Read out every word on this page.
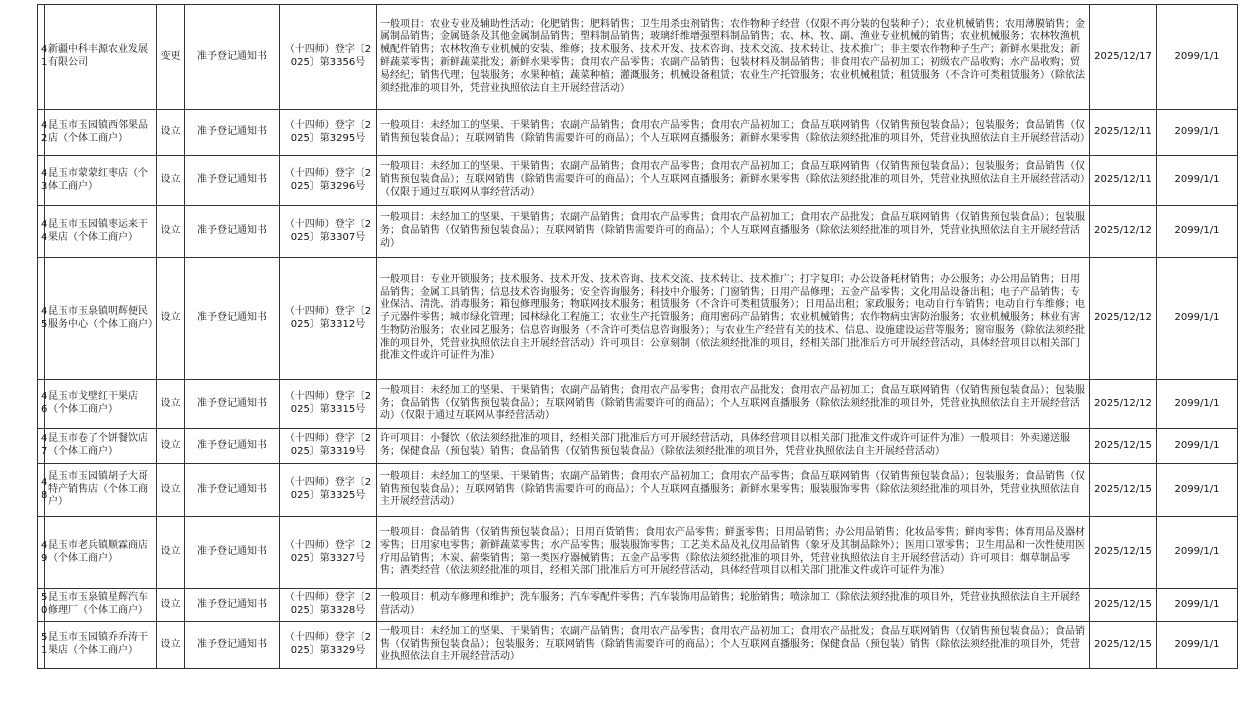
41	新疆中科丰源农业发展有限公司	变更	准予登记通知书	（十四师）登字〔2025〕第3356号	一般项目：农业专业及辅助性活动；化肥销售；肥料销售；卫生用杀虫剂销售；农作物种子经营（仅限不再分装的包装种子）；农业机械销售；农用薄膜销售；金属制品销售；金属链条及其他金属制品销售；塑料制品销售；玻璃纤维增强塑料制品销售；农、林、牧、副、渔业专业机械的销售；农业机械服务；农林牧渔机械配件销售；农林牧渔专业机械的安装、维修；技术服务、技术开发、技术咨询、技术交流、技术转让、技术推广；非主要农作物种子生产；新鲜水果批发；新鲜蔬菜零售；新鲜蔬菜批发；新鲜水果零售；食用农产品零售；农副产品销售；包装材料及制品销售；非食用农产品初加工；初级农产品收购；水产品收购；贸易经纪；销售代理；包装服务；水果种植；蔬菜种植；灌溉服务；机械设备租赁；农业生产托管服务；农业机械租赁；租赁服务（不含许可类租赁服务）（除依法须经批准的项目外，凭营业执照依法自主开展经营活动）	2025/12/17	2099/1/1
42	昆玉市玉园镇西邻果品店（个体工商户）	设立	准予登记通知书	（十四师）登字〔2025〕第3295号	一般项目：未经加工的坚果、干果销售；农副产品销售；食用农产品零售；食用农产品初加工；食品互联网销售（仅销售预包装食品）；包装服务；食品销售（仅销售预包装食品）；互联网销售（除销售需要许可的商品）；个人互联网直播服务；新鲜水果零售（除依法须经批准的项目外，凭营业执照依法自主开展经营活动）	2025/12/11	2099/1/1
43	昆玉市蒙蒙红枣店（个体工商户）	设立	准予登记通知书	（十四师）登字〔2025〕第3296号	一般项目：未经加工的坚果、干果销售；农副产品销售；食用农产品零售；食用农产品初加工；食品互联网销售（仅销售预包装食品）；包装服务；食品销售（仅销售预包装食品）；互联网销售（除销售需要许可的商品）；个人互联网直播服务；新鲜水果零售（除依法须经批准的项目外，凭营业执照依法自主开展经营活动）（仅限于通过互联网从事经营活动）	2025/12/11	2099/1/1
44	昆玉市玉园镇枣运来干果店（个体工商户）	设立	准予登记通知书	（十四师）登字〔2025〕第3307号	一般项目：未经加工的坚果、干果销售；农副产品销售；食用农产品零售；食用农产品初加工；食用农产品批发；食品互联网销售（仅销售预包装食品）；包装服务；食品销售（仅销售预包装食品）；互联网销售（除销售需要许可的商品）；个人互联网直播服务（除依法须经批准的项目外，凭营业执照依法自主开展经营活动）	2025/12/12	2099/1/1
45	昆玉市玉泉镇明辉便民服务中心（个体工商户）	设立	准予登记通知书	（十四师）登字〔2025〕第3312号	一般项目：专业开锁服务；技术服务、技术开发、技术咨询、技术交流、技术转让、技术推广；打字复印；办公设备耗材销售；办公服务；办公用品销售；日用品销售；金属工具销售；信息技术咨询服务；安全咨询服务；科技中介服务；门窗销售；日用产品修理；五金产品零售；文化用品设备出租；电子产品销售；专业保洁、清洗、消毒服务；箱包修理服务；物联网技术服务；租赁服务（不含许可类租赁服务）；日用品出租；家政服务；电动自行车销售；电动自行车维修；电子元器件零售；城市绿化管理；园林绿化工程施工；农业生产托管服务；商用密码产品销售；农业机械销售；农作物病虫害防治服务；农业机械服务；林业有害生物防治服务；农业园艺服务；信息咨询服务（不含许可类信息咨询服务）；与农业生产经营有关的技术、信息、设施建设运营等服务；窗帘服务（除依法须经批准的项目外，凭营业执照依法自主开展经营活动）许可项目：公章刻制（依法须经批准的项目，经相关部门批准后方可开展经营活动，具体经营项目以相关部门批准文件或许可证件为准）	2025/12/12	2099/1/1
46	昆玉市戈壁红干果店（个体工商户）	设立	准予登记通知书	（十四师）登字〔2025〕第3315号	一般项目：未经加工的坚果、干果销售；农副产品销售；食用农产品零售；食用农产品批发；食用农产品初加工；食品互联网销售（仅销售预包装食品）；包装服务；食品销售（仅销售预包装食品）；互联网销售（除销售需要许可的商品）；个人互联网直播服务（除依法须经批准的项目外，凭营业执照依法自主开展经营活动）（仅限于通过互联网从事经营活动）	2025/12/12	2099/1/1
47	昆玉市卷了个饼餐饮店（个体工商户）	设立	准予登记通知书	（十四师）登字〔2025〕第3319号	许可项目：小餐饮（依法须经批准的项目，经相关部门批准后方可开展经营活动，具体经营项目以相关部门批准文件或许可证件为准）一般项目：外卖递送服务；保健食品（预包装）销售；食品销售（仅销售预包装食品）（除依法须经批准的项目外，凭营业执照依法自主开展经营活动）	2025/12/15	2099/1/1
48	昆玉市玉园镇胡子大哥特产销售店（个体工商户）	设立	准予登记通知书	（十四师）登字〔2025〕第3325号	一般项目：未经加工的坚果、干果销售；农副产品销售；食用农产品初加工；食用农产品零售；食品互联网销售（仅销售预包装食品）；包装服务；食品销售（仅销售预包装食品）；互联网销售（除销售需要许可的商品）；个人互联网直播服务；新鲜水果零售；服装服饰零售（除依法须经批准的项目外，凭营业执照依法自主开展经营活动）	2025/12/15	2099/1/1
49	昆玉市老兵镇顺霖商店（个体工商户）	设立	准予登记通知书	（十四师）登字〔2025〕第3327号	一般项目：食品销售（仅销售预包装食品）；日用百货销售；食用农产品零售；鲜蛋零售；日用品销售；办公用品销售；化妆品零售；鲜肉零售；体育用品及器材零售；日用家电零售；新鲜蔬菜零售；水产品零售；服装服饰零售；工艺美术品及礼仪用品销售（象牙及其制品除外）；医用口罩零售；卫生用品和一次性使用医疗用品销售；木炭、薪柴销售；第一类医疗器械销售；五金产品零售（除依法须经批准的项目外，凭营业执照依法自主开展经营活动）许可项目：烟草制品零售；酒类经营（依法须经批准的项目，经相关部门批准后方可开展经营活动，具体经营项目以相关部门批准文件或许可证件为准）	2025/12/15	2099/1/1
50	昆玉市玉泉镇星辉汽车修理厂（个体工商户）	设立	准予登记通知书	（十四师）登字〔2025〕第3328号	一般项目：机动车修理和维护；洗车服务；汽车零配件零售；汽车装饰用品销售；轮胎销售；喷涂加工（除依法须经批准的项目外，凭营业执照依法自主开展经营活动）	2025/12/15	2099/1/1
51	昆玉市玉园镇乔乔涛干果店（个体工商户）	设立	准予登记通知书	（十四师）登字〔2025〕第3329号	一般项目：未经加工的坚果、干果销售；农副产品销售；食用农产品零售；食用农产品初加工；食用农产品批发；食品互联网销售（仅销售预包装食品）；食品销售（仅销售预包装食品）；包装服务；互联网销售（除销售需要许可的商品）；个人互联网直播服务；保健食品（预包装）销售（除依法须经批准的项目外，凭营业执照依法自主开展经营活动）	2025/12/15	2099/1/1
